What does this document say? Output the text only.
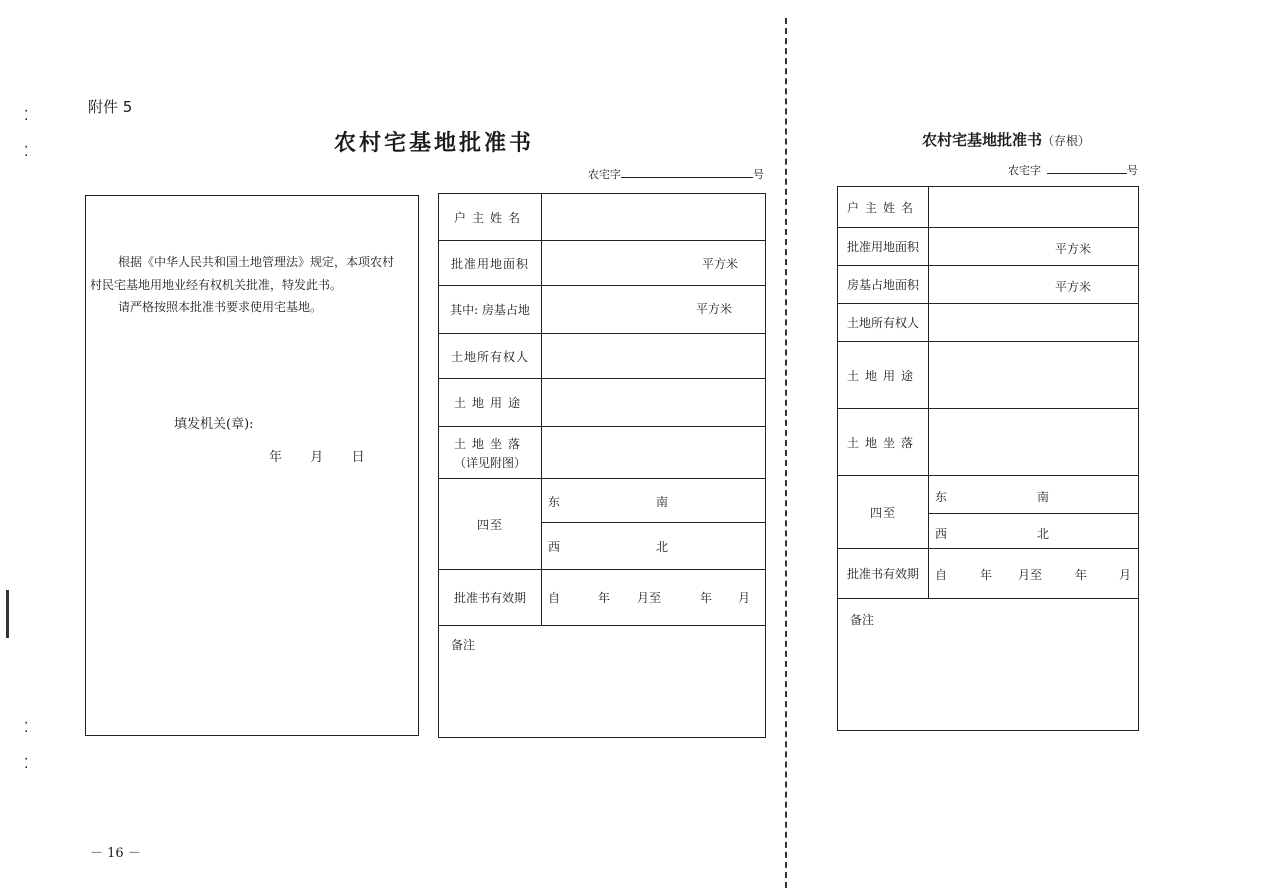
⁚
⁚
⁚
⁚
附件 5
农村宅基地批准书
农宅字	号
根据《中华人民共和国土地管理法》规定，本项农村
村民宅基地用地业经有权机关批准，特发此书。
请严格按照本批准书要求使用宅基地。
填发机关(章):
年 月 日
户主姓名	
批准用地面积	平方米

其中: 房基占地	平方米

土地所有权人	
土地用途	

土地坐落
（详见附图）	

四至	东 南

	西 北

批准书有效期	自 年 月至 年 月

备注	
农村宅基地批准书（存根）
农宅字	号
户主姓名	
批准用地面积	平方米

房基占地面积	平方米

土地所有权人	
土地用途	
土地坐落	
四至	东 南

	西 北

批准书有效期	自 年 月至 年 月

备注	
－ 16 －
